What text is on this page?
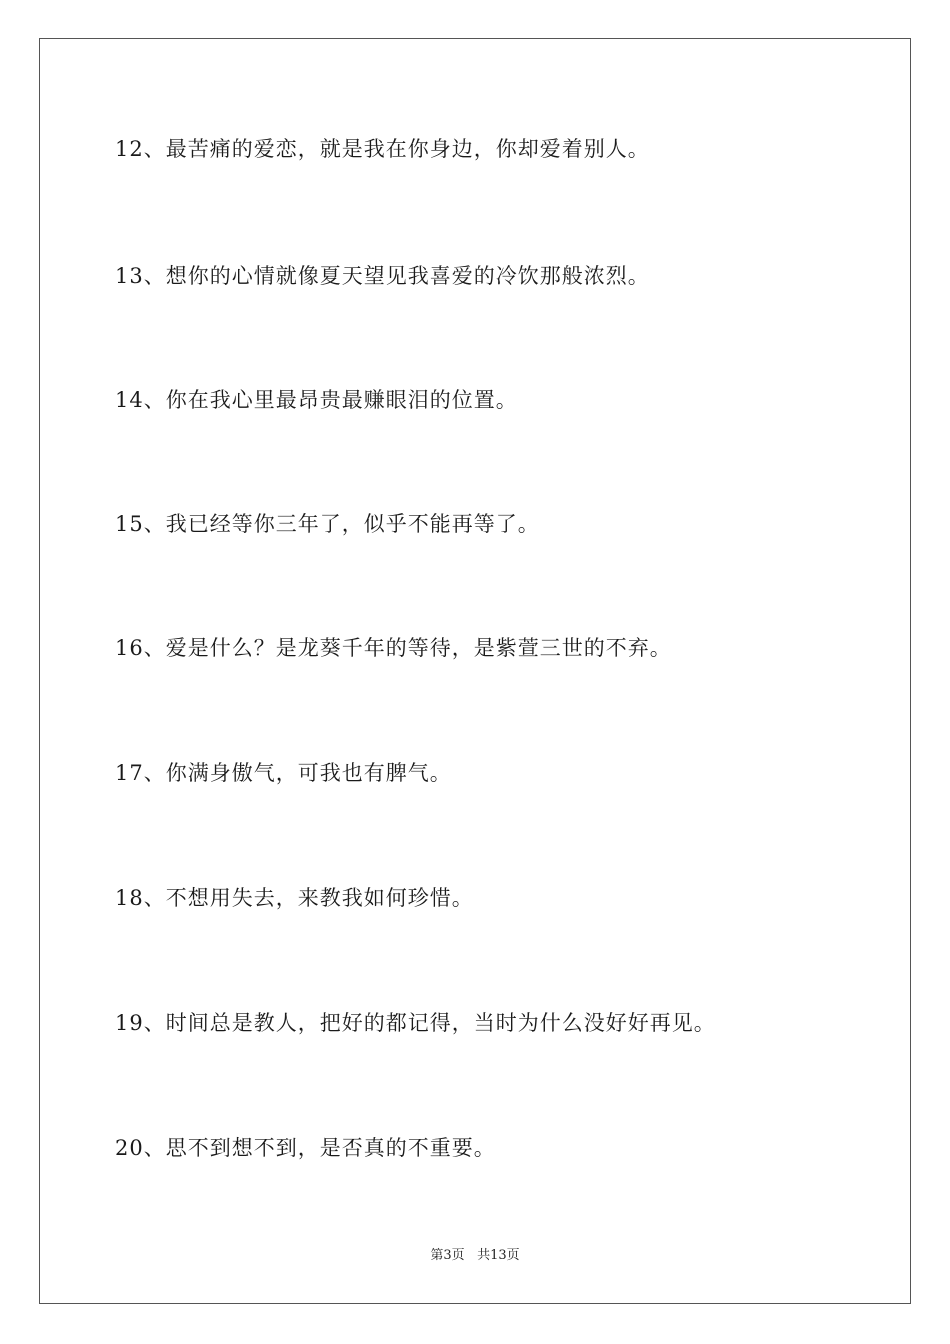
12、最苦痛的爱恋，就是我在你身边，你却爱着别人。
13、想你的心情就像夏天望见我喜爱的冷饮那般浓烈。
14、你在我心里最昂贵最赚眼泪的位置。
15、我已经等你三年了，似乎不能再等了。
16、爱是什么？是龙葵千年的等待，是紫萱三世的不弃。
17、你满身傲气，可我也有脾气。
18、不想用失去，来教我如何珍惜。
19、时间总是教人，把好的都记得，当时为什么没好好再见。
20、思不到想不到，是否真的不重要。
第3页 共13页
